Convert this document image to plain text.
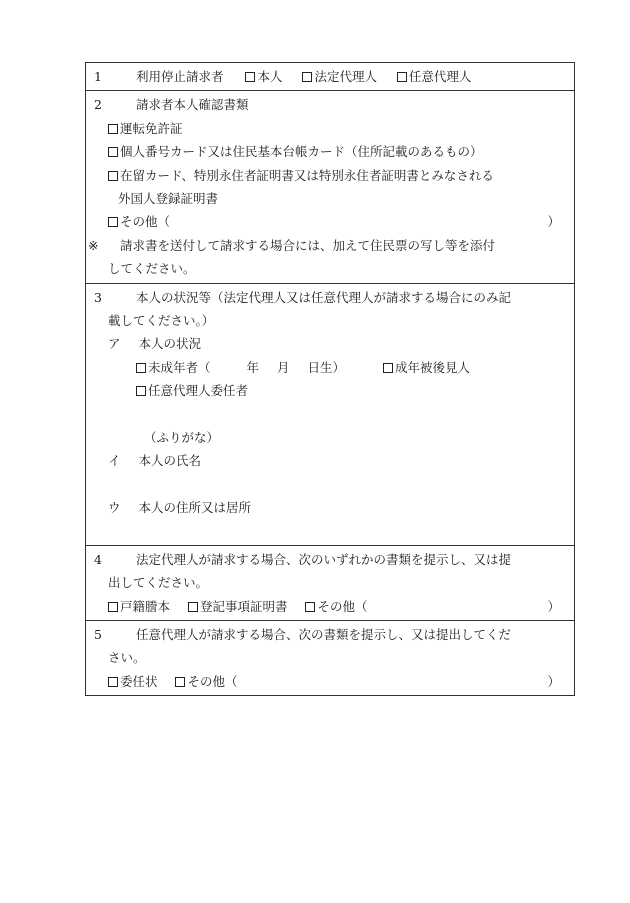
1	利用停止請求者	本人	法定代理人	任意代理人
2	請求者本人確認書類
運転免許証
個人番号カード又は住民基本台帳カード（住所記載のあるもの）
在留カード、特別永住者証明書又は特別永住者証明書とみなされる
外国人登録証明書
その他（	）
※ 請求書を送付して請求する場合には、加えて住民票の写し等を添付
してください。
3	本人の状況等（法定代理人又は任意代理人が請求する場合にのみ記
載してください。）
ア 本人の状況
未成年者（	年 月 日生）	成年被後見人
任意代理人委任者
（ふりがな）
イ 本人の氏名
ウ 本人の住所又は居所
4	法定代理人が請求する場合、次のいずれかの書類を提示し、又は提
出してください。
戸籍謄本 登記事項証明書 その他（	）
5	任意代理人が請求する場合、次の書類を提示し、又は提出してくだ
さい。
委任状 その他（	）
